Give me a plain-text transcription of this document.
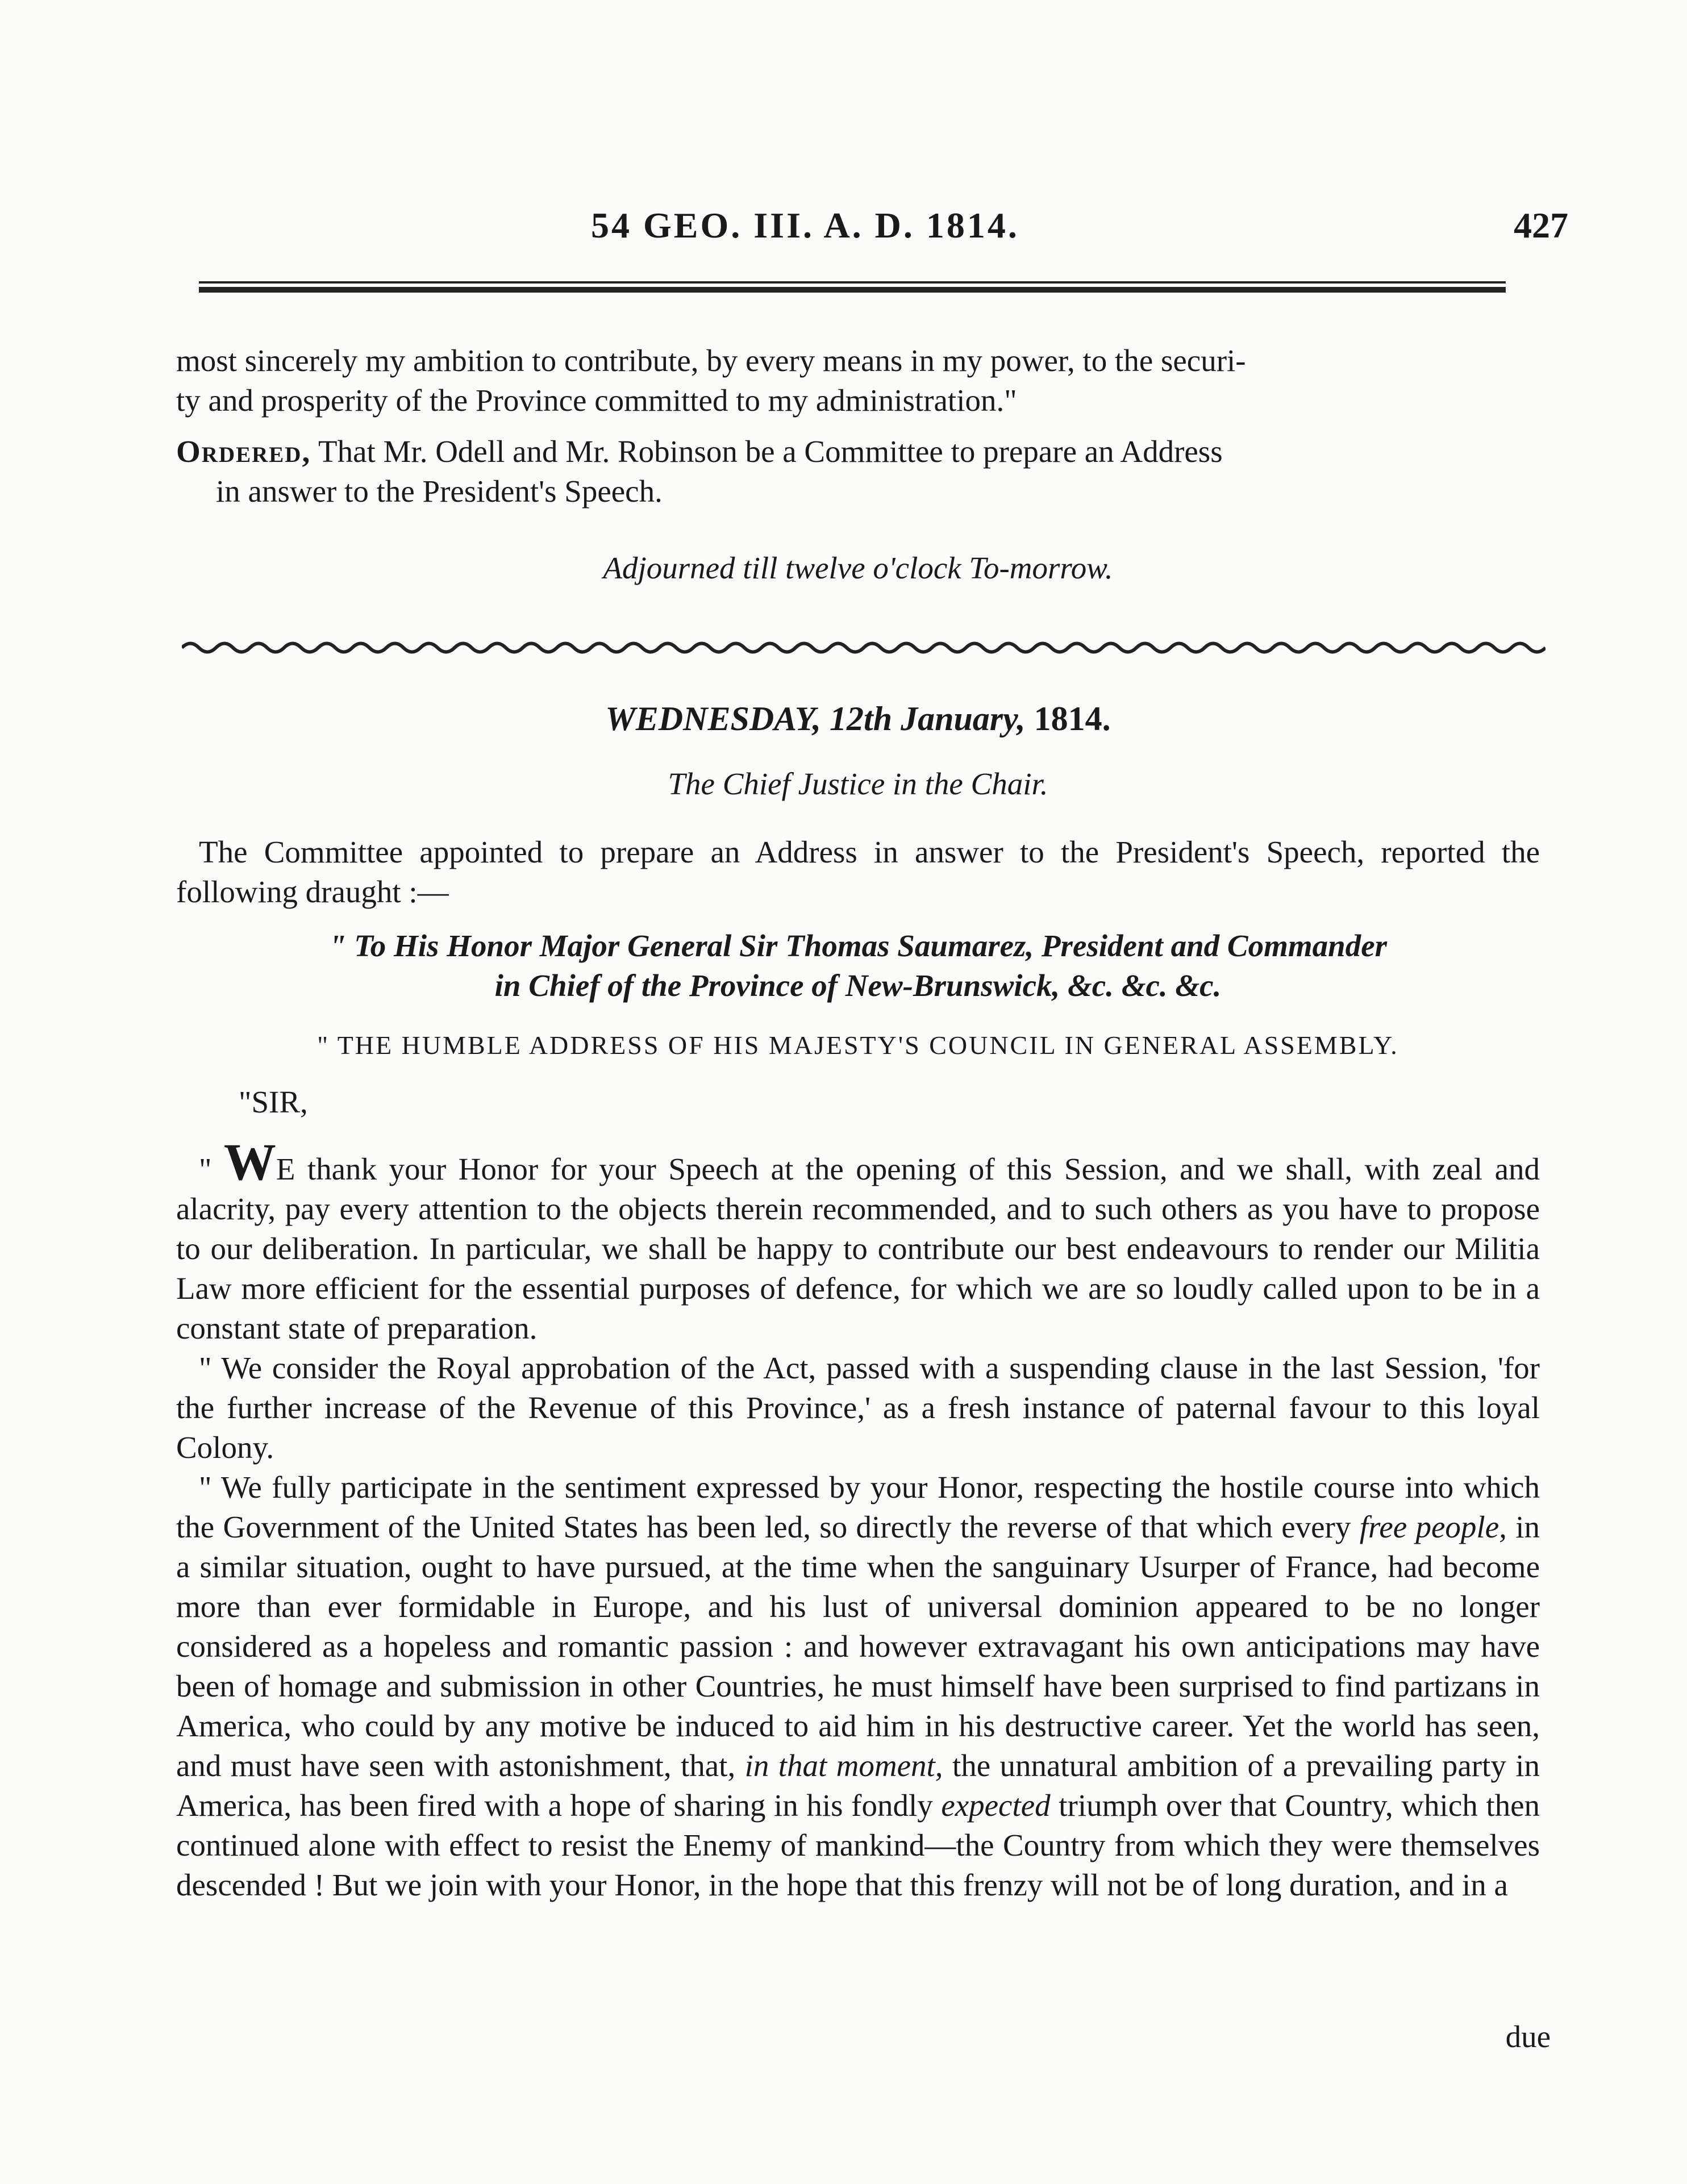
54 GEO. III. A. D. 1814.	427

most sincerely my ambition to contribute, by every means in my power, to the securi-

ty and prosperity of the Province committed to my administration."

Ordered, That Mr. Odell and Mr. Robinson be a Committee to prepare an Address

in answer to the President's Speech.

Adjourned till twelve o'clock To-morrow.

WEDNESDAY, 12th January, 1814.

The Chief Justice in the Chair.

The Committee appointed to prepare an Address in answer to the President's Speech, reported the following draught :—

" To His Honor Major General Sir Thomas Saumarez, President and Commander

in Chief of the Province of New-Brunswick, &c. &c. &c.

" THE HUMBLE ADDRESS OF HIS MAJESTY'S COUNCIL IN GENERAL ASSEMBLY.

"SIR,

" WE thank your Honor for your Speech at the opening of this Session, and we shall, with zeal and alacrity, pay every attention to the objects therein recommended, and to such others as you have to propose to our deliberation. In particular, we shall be happy to contribute our best endeavours to render our Militia Law more efficient for the essential purposes of defence, for which we are so loudly called upon to be in a constant state of preparation.

" We consider the Royal approbation of the Act, passed with a suspending clause in the last Session, 'for the further increase of the Revenue of this Province,' as a fresh instance of paternal favour to this loyal Colony.

" We fully participate in the sentiment expressed by your Honor, respecting the hostile course into which the Government of the United States has been led, so directly the reverse of that which every free people, in a similar situation, ought to have pursued, at the time when the sanguinary Usurper of France, had become more than ever formidable in Europe, and his lust of universal dominion appeared to be no longer considered as a hopeless and romantic passion : and however extravagant his own anticipations may have been of homage and submission in other Countries, he must himself have been surprised to find partizans in America, who could by any motive be induced to aid him in his destructive career. Yet the world has seen, and must have seen with astonishment, that, in that moment, the unnatural ambition of a prevailing party in America, has been fired with a hope of sharing in his fondly expected triumph over that Country, which then continued alone with effect to resist the Enemy of mankind—the Country from which they were themselves descended ! But we join with your Honor, in the hope that this frenzy will not be of long duration, and in a

due
